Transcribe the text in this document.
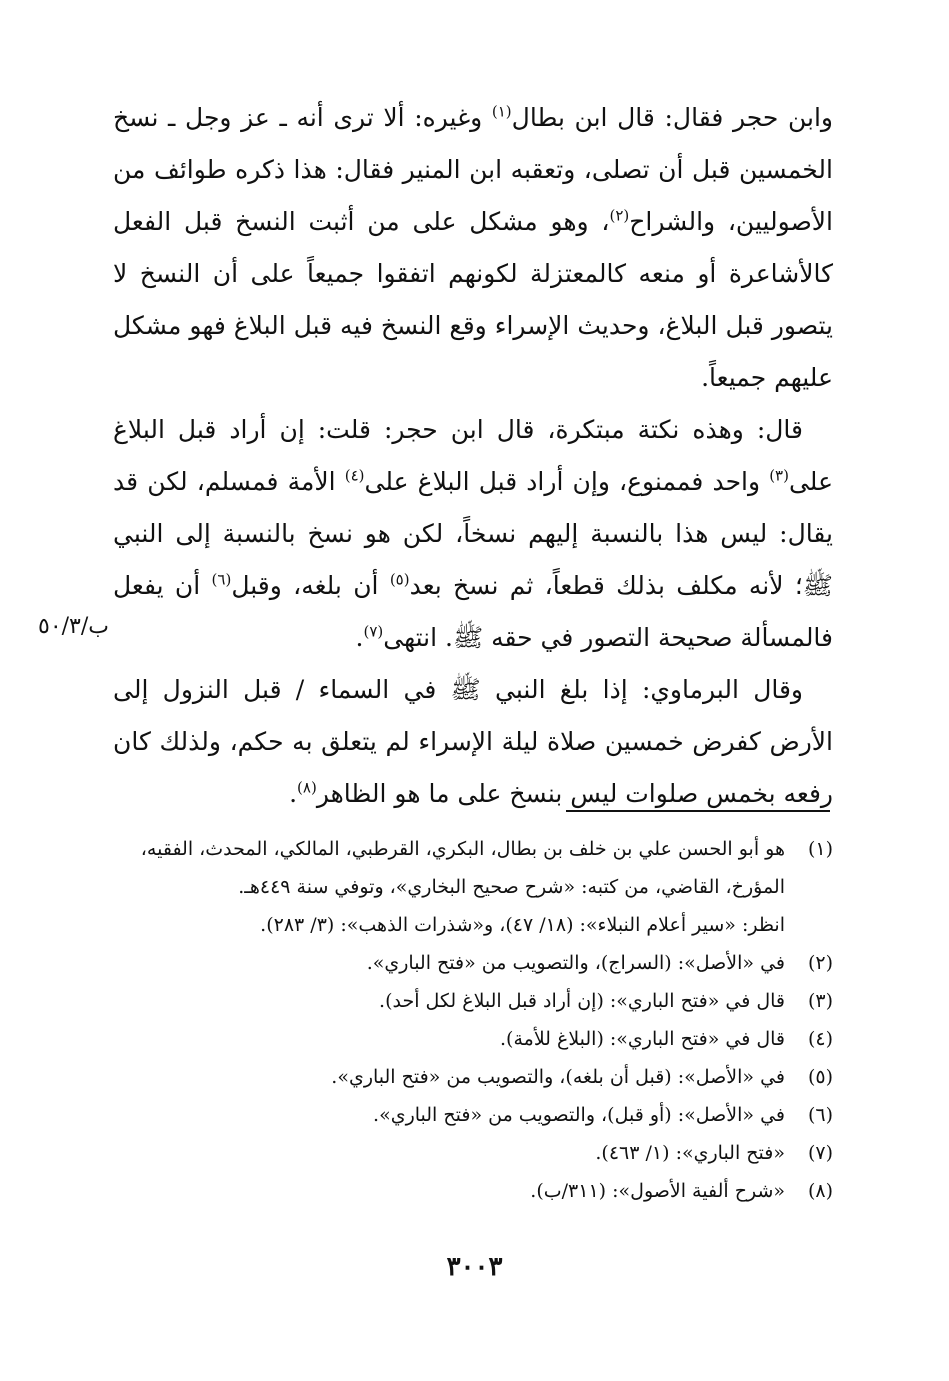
وابن حجر فقال: قال ابن بطال$^{(١)}$ وغيره: ألا ترى أنه ـ عز وجل ـ نسخ الخمسين قبل أن تصلى، وتعقبه ابن المنير فقال: هذا ذكره طوائف من الأصوليين، والشراح$^{(٢)}$، وهو مشكل على من أثبت النسخ قبل الفعل كالأشاعرة أو منعه كالمعتزلة لكونهم اتفقوا جميعاً على أن النسخ لا يتصور قبل البلاغ، وحديث الإسراء وقع النسخ فيه قبل البلاغ فهو مشكل عليهم جميعاً.

قال: وهذه نكتة مبتكرة، قال ابن حجر: قلت: إن أراد قبل البلاغ على$^{(٣)}$ واحد فممنوع، وإن أراد قبل البلاغ على$^{(٤)}$ الأمة فمسلم، لكن قد يقال: ليس هذا بالنسبة إليهم نسخاً، لكن هو نسخ بالنسبة إلى النبي ﷺ؛ لأنه مكلف بذلك قطعاً، ثم نسخ بعد$^{(٥)}$ أن بلغه، وقبل$^{(٦)}$ أن يفعل فالمسألة صحيحة التصور في حقه ﷺ. انتهى$^{(٧)}$.

وقال البرماوي: إذا بلغ النبي ﷺ في السماء / قبل النزول إلى الأرض كفرض خمسين صلاة ليلة الإسراء لم يتعلق به حكم، ولذلك كان رفعه بخمس صلوات ليس بنسخ على ما هو الظاهر$^{(٨)}$.

ب/٥٠/٣
(١)
هو أبو الحسن علي بن خلف بن بطال، البكري، القرطبي، المالكي، المحدث، الفقيه،
المؤرخ، القاضي، من كتبه: «شرح صحيح البخاري»، وتوفي سنة ٤٤٩هـ.
انظر: «سير أعلام النبلاء»: (١٨/ ٤٧)، و«شذرات الذهب»: (٣/ ٢٨٣).
(٢)
في «الأصل»: (السراج)، والتصويب من «فتح الباري».
(٣)
قال في «فتح الباري»: (إن أراد قبل البلاغ لكل أحد).
(٤)
قال في «فتح الباري»: (البلاغ للأمة).
(٥)
في «الأصل»: (قبل أن بلغه)، والتصويب من «فتح الباري».
(٦)
في «الأصل»: (أو قبل)، والتصويب من «فتح الباري».
(٧)
«فتح الباري»: (١/ ٤٦٣).
(٨)
«شرح ألفية الأصول»: (٣١١/ب).
٣٠٠٣
